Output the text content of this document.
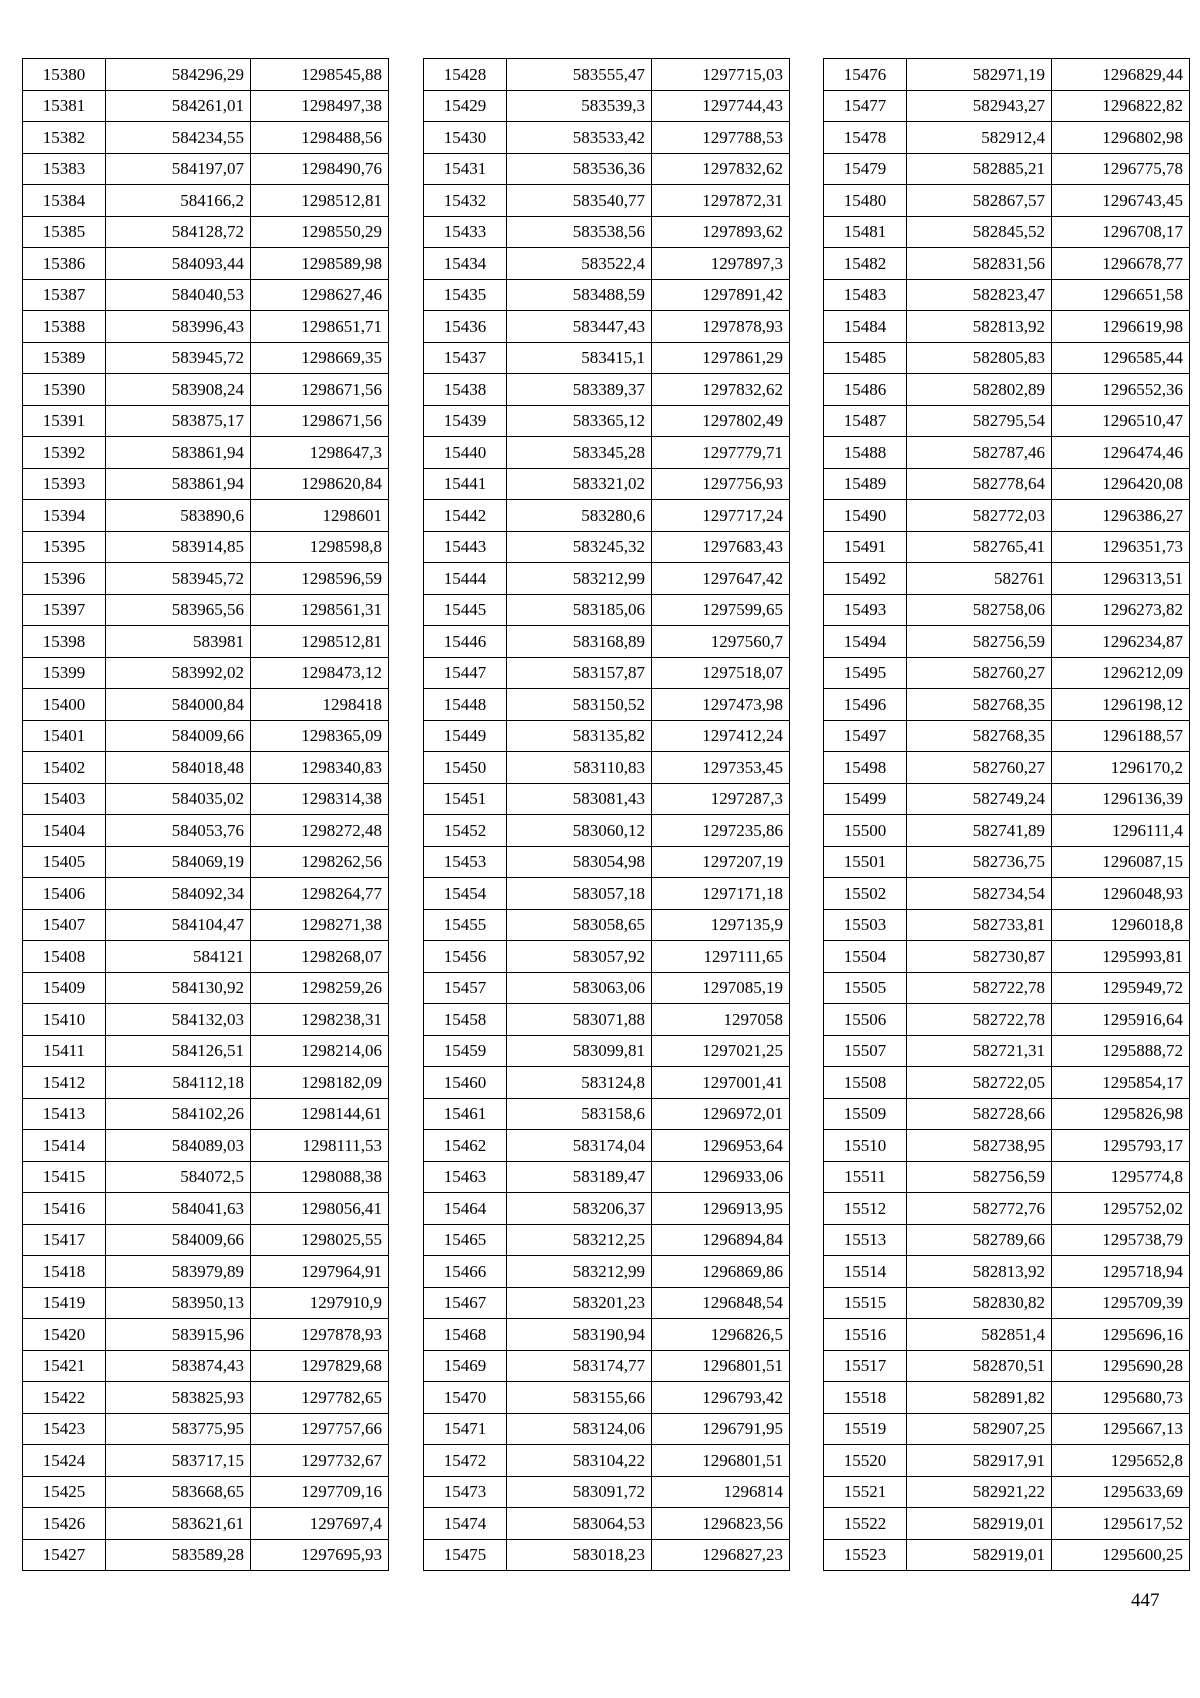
15380	584296,29	1298545,88
15381	584261,01	1298497,38
15382	584234,55	1298488,56
15383	584197,07	1298490,76
15384	584166,2	1298512,81
15385	584128,72	1298550,29
15386	584093,44	1298589,98
15387	584040,53	1298627,46
15388	583996,43	1298651,71
15389	583945,72	1298669,35
15390	583908,24	1298671,56
15391	583875,17	1298671,56
15392	583861,94	1298647,3
15393	583861,94	1298620,84
15394	583890,6	1298601
15395	583914,85	1298598,8
15396	583945,72	1298596,59
15397	583965,56	1298561,31
15398	583981	1298512,81
15399	583992,02	1298473,12
15400	584000,84	1298418
15401	584009,66	1298365,09
15402	584018,48	1298340,83
15403	584035,02	1298314,38
15404	584053,76	1298272,48
15405	584069,19	1298262,56
15406	584092,34	1298264,77
15407	584104,47	1298271,38
15408	584121	1298268,07
15409	584130,92	1298259,26
15410	584132,03	1298238,31
15411	584126,51	1298214,06
15412	584112,18	1298182,09
15413	584102,26	1298144,61
15414	584089,03	1298111,53
15415	584072,5	1298088,38
15416	584041,63	1298056,41
15417	584009,66	1298025,55
15418	583979,89	1297964,91
15419	583950,13	1297910,9
15420	583915,96	1297878,93
15421	583874,43	1297829,68
15422	583825,93	1297782,65
15423	583775,95	1297757,66
15424	583717,15	1297732,67
15425	583668,65	1297709,16
15426	583621,61	1297697,4
15427	583589,28	1297695,93
15428	583555,47	1297715,03
15429	583539,3	1297744,43
15430	583533,42	1297788,53
15431	583536,36	1297832,62
15432	583540,77	1297872,31
15433	583538,56	1297893,62
15434	583522,4	1297897,3
15435	583488,59	1297891,42
15436	583447,43	1297878,93
15437	583415,1	1297861,29
15438	583389,37	1297832,62
15439	583365,12	1297802,49
15440	583345,28	1297779,71
15441	583321,02	1297756,93
15442	583280,6	1297717,24
15443	583245,32	1297683,43
15444	583212,99	1297647,42
15445	583185,06	1297599,65
15446	583168,89	1297560,7
15447	583157,87	1297518,07
15448	583150,52	1297473,98
15449	583135,82	1297412,24
15450	583110,83	1297353,45
15451	583081,43	1297287,3
15452	583060,12	1297235,86
15453	583054,98	1297207,19
15454	583057,18	1297171,18
15455	583058,65	1297135,9
15456	583057,92	1297111,65
15457	583063,06	1297085,19
15458	583071,88	1297058
15459	583099,81	1297021,25
15460	583124,8	1297001,41
15461	583158,6	1296972,01
15462	583174,04	1296953,64
15463	583189,47	1296933,06
15464	583206,37	1296913,95
15465	583212,25	1296894,84
15466	583212,99	1296869,86
15467	583201,23	1296848,54
15468	583190,94	1296826,5
15469	583174,77	1296801,51
15470	583155,66	1296793,42
15471	583124,06	1296791,95
15472	583104,22	1296801,51
15473	583091,72	1296814
15474	583064,53	1296823,56
15475	583018,23	1296827,23
15476	582971,19	1296829,44
15477	582943,27	1296822,82
15478	582912,4	1296802,98
15479	582885,21	1296775,78
15480	582867,57	1296743,45
15481	582845,52	1296708,17
15482	582831,56	1296678,77
15483	582823,47	1296651,58
15484	582813,92	1296619,98
15485	582805,83	1296585,44
15486	582802,89	1296552,36
15487	582795,54	1296510,47
15488	582787,46	1296474,46
15489	582778,64	1296420,08
15490	582772,03	1296386,27
15491	582765,41	1296351,73
15492	582761	1296313,51
15493	582758,06	1296273,82
15494	582756,59	1296234,87
15495	582760,27	1296212,09
15496	582768,35	1296198,12
15497	582768,35	1296188,57
15498	582760,27	1296170,2
15499	582749,24	1296136,39
15500	582741,89	1296111,4
15501	582736,75	1296087,15
15502	582734,54	1296048,93
15503	582733,81	1296018,8
15504	582730,87	1295993,81
15505	582722,78	1295949,72
15506	582722,78	1295916,64
15507	582721,31	1295888,72
15508	582722,05	1295854,17
15509	582728,66	1295826,98
15510	582738,95	1295793,17
15511	582756,59	1295774,8
15512	582772,76	1295752,02
15513	582789,66	1295738,79
15514	582813,92	1295718,94
15515	582830,82	1295709,39
15516	582851,4	1295696,16
15517	582870,51	1295690,28
15518	582891,82	1295680,73
15519	582907,25	1295667,13
15520	582917,91	1295652,8
15521	582921,22	1295633,69
15522	582919,01	1295617,52
15523	582919,01	1295600,25
447
